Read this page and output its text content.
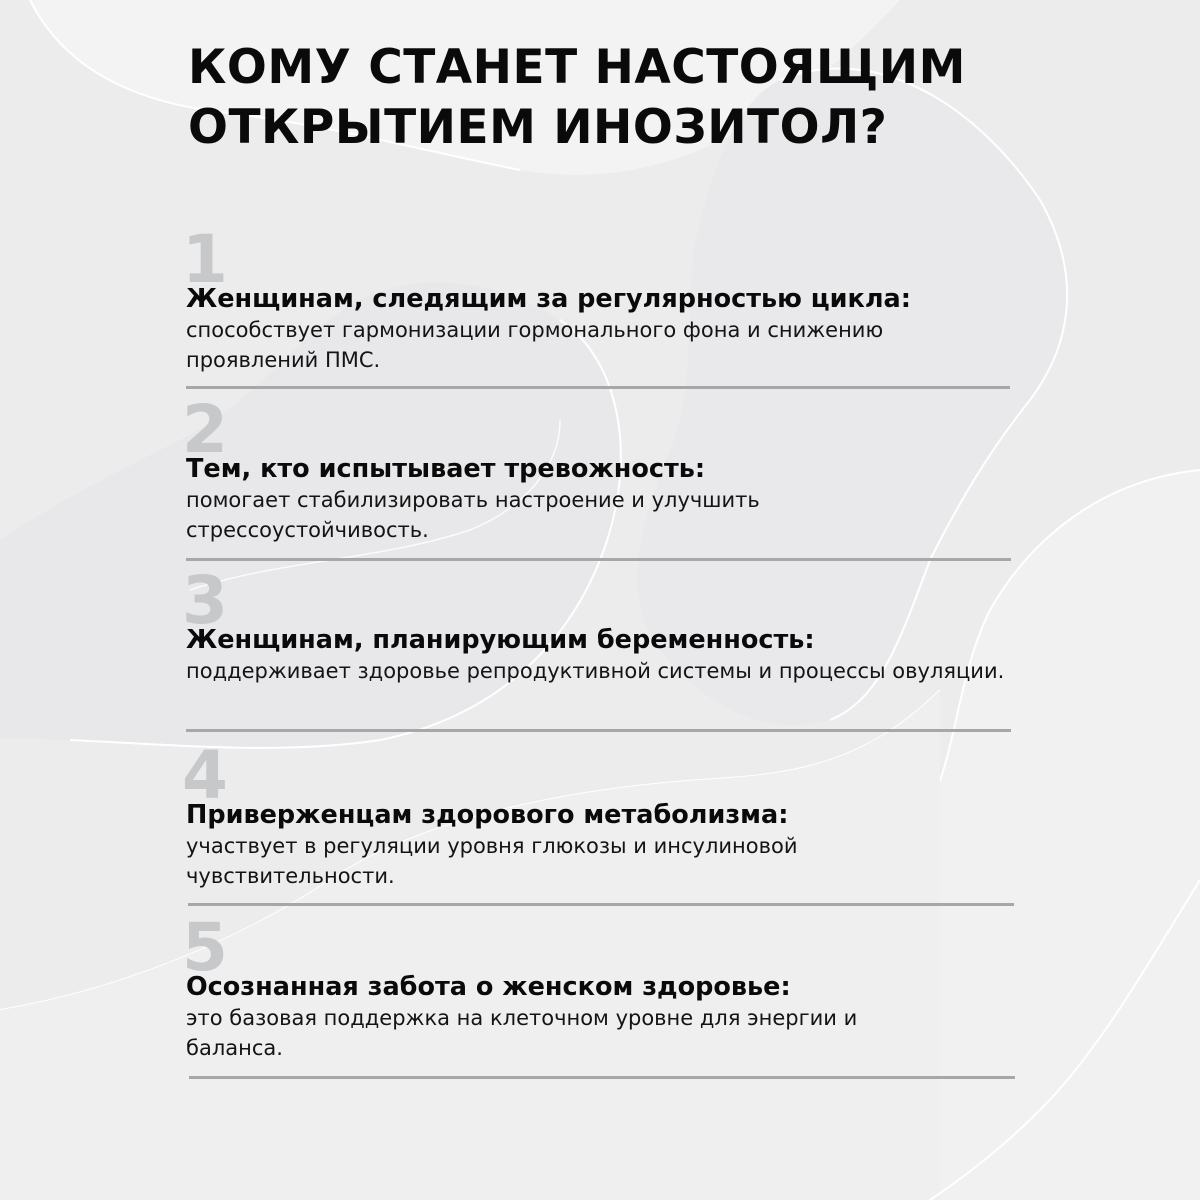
КОМУ СТАНЕТ НАСТОЯЩИМ
ОТКРЫТИЕМ ИНОЗИТОЛ?
1
Женщинам, следящим за регулярностью цикла:
способствует гармонизации гормонального фона и снижению проявлений ПМС.
2
Тем, кто испытывает тревожность:
помогает стабилизировать настроение и улучшить стрессоустойчивость.
3
Женщинам, планирующим беременность:
поддерживает здоровье репродуктивной системы и процессы овуляции.
4
Приверженцам здорового метаболизма:
участвует в регуляции уровня глюкозы и инсулиновой чувствительности.
5
Осознанная забота о женском здоровье:
это базовая поддержка на клеточном уровне для энергии и баланса.
